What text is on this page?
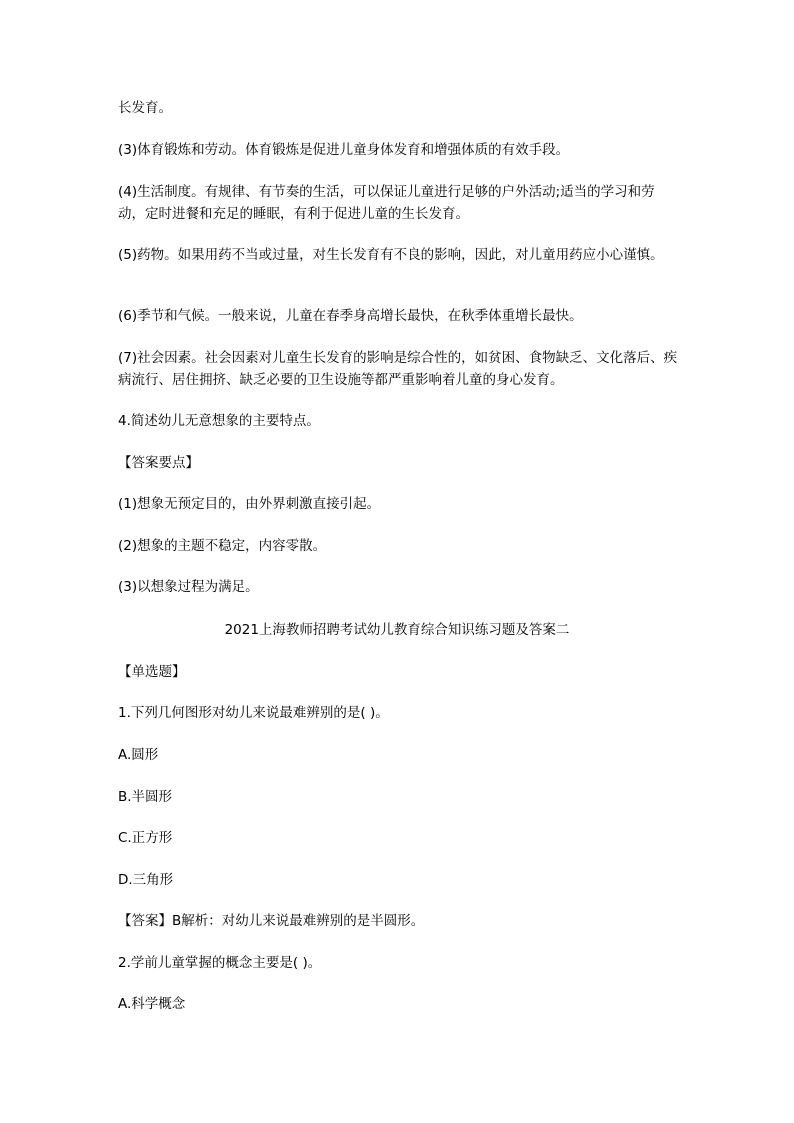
长发育。
(3)体育锻炼和劳动。体育锻炼是促进儿童身体发育和增强体质的有效手段。
(4)生活制度。有规律、有节奏的生活，可以保证儿童进行足够的户外活动;适当的学习和劳动，定时进餐和充足的睡眠，有利于促进儿童的生长发育。
(5)药物。如果用药不当或过量，对生长发育有不良的影响，因此，对儿童用药应小心谨慎。
(6)季节和气候。一般来说，儿童在春季身高增长最快，在秋季体重增长最快。
(7)社会因素。社会因素对儿童生长发育的影响是综合性的，如贫困、食物缺乏、文化落后、疾病流行、居住拥挤、缺乏必要的卫生设施等都严重影响着儿童的身心发育。
4.简述幼儿无意想象的主要特点。
【答案要点】
(1)想象无预定目的，由外界刺激直接引起。
(2)想象的主题不稳定，内容零散。
(3)以想象过程为满足。
2021上海教师招聘考试幼儿教育综合知识练习题及答案二
【单选题】
1.下列几何图形对幼儿来说最难辨别的是( )。
A.圆形
B.半圆形
C.正方形
D.三角形
【答案】B解析：对幼儿来说最难辨别的是半圆形。
2.学前儿童掌握的概念主要是( )。
A.科学概念
